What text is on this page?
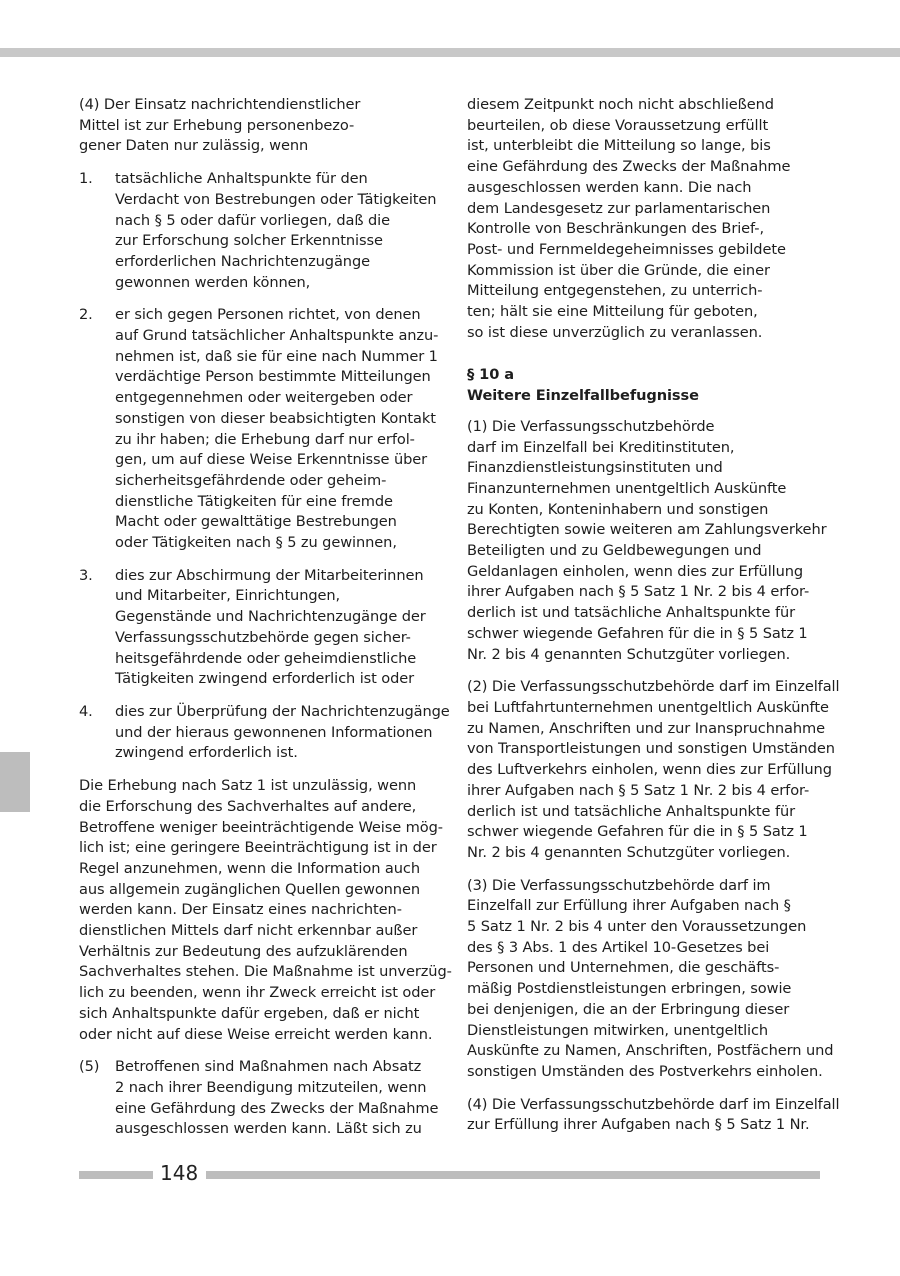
(4) Der Einsatz nachrichtendienstlicher
Mittel ist zur Erhebung personenbezo-
gener Daten nur zulässig, wenn
1.	tatsächliche Anhaltspunkte für den
Verdacht von Bestrebungen oder Tätigkeiten
nach § 5 oder dafür vorliegen, daß die
zur Erforschung solcher Erkenntnisse
erforderlichen Nachrichtenzugänge
gewonnen werden können,
2.	er sich gegen Personen richtet, von denen
auf Grund tatsächlicher Anhaltspunkte anzu-
nehmen ist, daß sie für eine nach Nummer 1
verdächtige Person bestimmte Mitteilungen
entgegennehmen oder weitergeben oder
sonstigen von dieser beabsichtigten Kontakt
zu ihr haben; die Erhebung darf nur erfol-
gen, um auf diese Weise Erkenntnisse über
sicherheitsgefährdende oder geheim-
dienstliche Tätigkeiten für eine fremde
Macht oder gewalttätige Bestrebungen
oder Tätigkeiten nach § 5 zu gewinnen,
3.	dies zur Abschirmung der Mitarbeiterinnen
und Mitarbeiter, Einrichtungen,
Gegenstände und Nachrichtenzugänge der
Verfassungsschutzbehörde gegen sicher-
heitsgefährdende oder geheimdienstliche
Tätigkeiten zwingend erforderlich ist oder
4.	dies zur Überprüfung der Nachrichtenzugänge
und der hieraus gewonnenen Informationen
zwingend erforderlich ist.
Die Erhebung nach Satz 1 ist unzulässig, wenn
die Erforschung des Sachverhaltes auf andere,
Betroffene weniger beeinträchtigende Weise mög-
lich ist; eine geringere Beeinträchtigung ist in der
Regel anzunehmen, wenn die Information auch
aus allgemein zugänglichen Quellen gewonnen
werden kann. Der Einsatz eines nachrichten-
dienstlichen Mittels darf nicht erkennbar außer
Verhältnis zur Bedeutung des aufzuklärenden
Sachverhaltes stehen. Die Maßnahme ist unverzüg-
lich zu beenden, wenn ihr Zweck erreicht ist oder
sich Anhaltspunkte dafür ergeben, daß er nicht
oder nicht auf diese Weise erreicht werden kann.
(5)	Betroffenen sind Maßnahmen nach Absatz
2 nach ihrer Beendigung mitzuteilen, wenn
eine Gefährdung des Zwecks der Maßnahme
ausgeschlossen werden kann. Läßt sich zu
diesem Zeitpunkt noch nicht abschließend
beurteilen, ob diese Voraussetzung erfüllt
ist, unterbleibt die Mitteilung so lange, bis
eine Gefährdung des Zwecks der Maßnahme
ausgeschlossen werden kann. Die nach
dem Landesgesetz zur parlamentarischen
Kontrolle von Beschränkungen des Brief-,
Post- und Fernmeldegeheimnisses gebildete
Kommission ist über die Gründe, die einer
Mitteilung entgegenstehen, zu unterrich-
ten; hält sie eine Mitteilung für geboten,
so ist diese unverzüglich zu veranlassen.
§ 10 a
Weitere Einzelfallbefugnisse
(1) Die Verfassungsschutzbehörde
darf im Einzelfall bei Kreditinstituten,
Finanzdienstleistungsinstituten und
Finanzunternehmen unentgeltlich Auskünfte
zu Konten, Konteninhabern und sonstigen
Berechtigten sowie weiteren am Zahlungsverkehr
Beteiligten und zu Geldbewegungen und
Geldanlagen einholen, wenn dies zur Erfüllung
ihrer Aufgaben nach § 5 Satz 1 Nr. 2 bis 4 erfor-
derlich ist und tatsächliche Anhaltspunkte für
schwer wiegende Gefahren für die in § 5 Satz 1
Nr. 2 bis 4 genannten Schutzgüter vorliegen.
(2) Die Verfassungsschutzbehörde darf im Einzelfall
bei Luftfahrtunternehmen unentgeltlich Auskünfte
zu Namen, Anschriften und zur Inanspruchnahme
von Transportleistungen und sonstigen Umständen
des Luftverkehrs einholen, wenn dies zur Erfüllung
ihrer Aufgaben nach § 5 Satz 1 Nr. 2 bis 4 erfor-
derlich ist und tatsächliche Anhaltspunkte für
schwer wiegende Gefahren für die in § 5 Satz 1
Nr. 2 bis 4 genannten Schutzgüter vorliegen.
(3) Die Verfassungsschutzbehörde darf im
Einzelfall zur Erfüllung ihrer Aufgaben nach §
5 Satz 1 Nr. 2 bis 4 unter den Voraussetzungen
des § 3 Abs. 1 des Artikel 10-Gesetzes bei
Personen und Unternehmen, die geschäfts-
mäßig Postdienstleistungen erbringen, sowie
bei denjenigen, die an der Erbringung dieser
Dienstleistungen mitwirken, unentgeltlich
Auskünfte zu Namen, Anschriften, Postfächern und
sonstigen Umständen des Postverkehrs einholen.
(4) Die Verfassungsschutzbehörde darf im Einzelfall
zur Erfüllung ihrer Aufgaben nach § 5 Satz 1 Nr.
148
